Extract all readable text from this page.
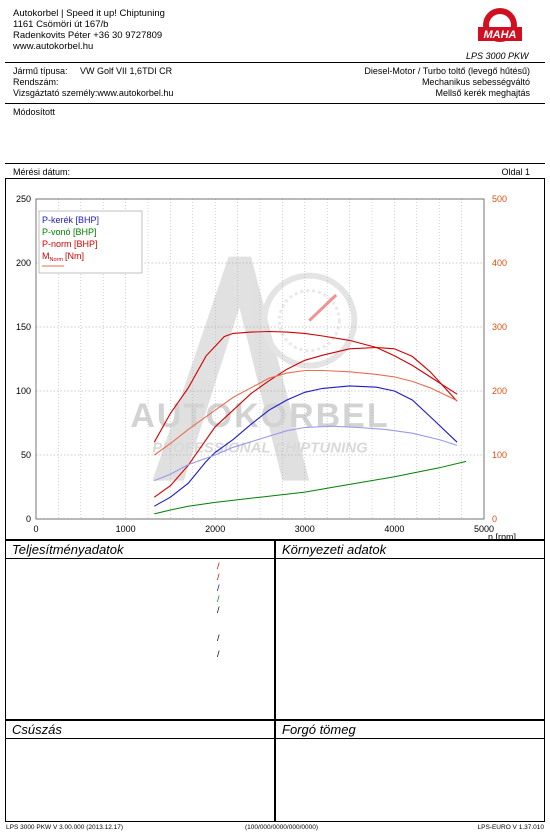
Autokorbel | Speed it up! Chiptuning
1161 Csömöri út 167/b
Radenkovits Péter +36 30 9727809
www.autokorbel.hu
MAHA
LPS 3000 PKW
Jármű típusa: VW Golf VII 1,6TDI CR
Rendszám:
Vizsgáztató személy:www.autokorbel.hu
Diesel-Motor / Turbo toltő (levegő hűtésű)
Mechanikus sebességváltó
Mellső kerék meghajtás
Módosított
Mérési dátum:	Oldal 1
AUTOKORBEL
PROFESSIONAL CHIPTUNING
0
50
100
150
200
250
0
100
200
300
400
500
0	1000	2000	3000	4000	5000
n [rpm]
P-kerék [BHP]
P-vonó [BHP]
P-norm [BHP]
$M_{Norm}$ [Nm]
Teljesítményadatok
/
/
/
/
/
/
/
Környezeti adatok
Csúszás	Forgó tömeg
LPS 3000 PKW V 3.00.000 (2013.12.17)	(100/000/0000/000/0000)	LPS-EURO V 1.37.010
